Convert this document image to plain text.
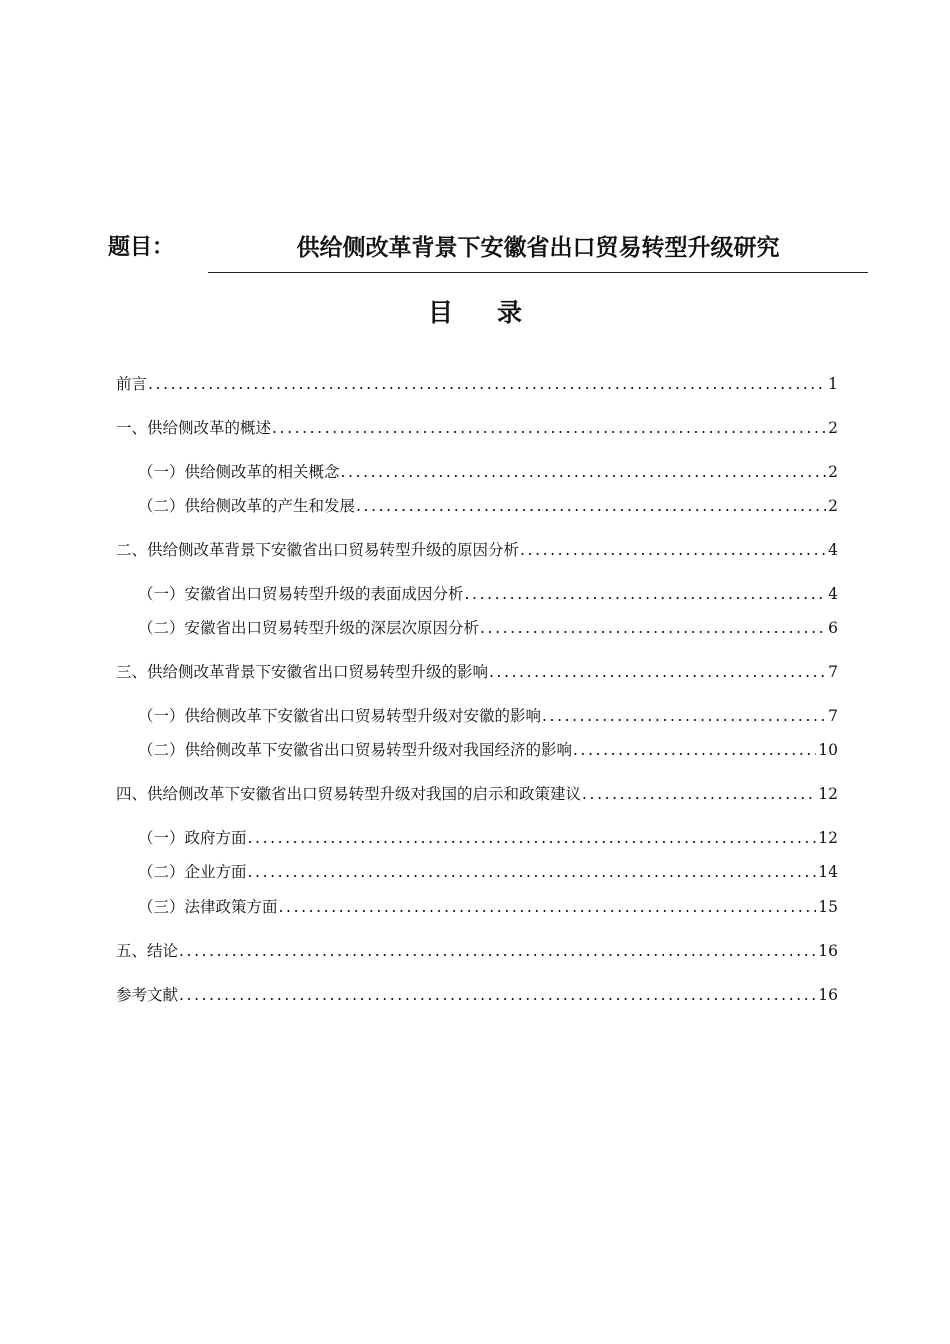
题目：	供给侧改革背景下安徽省出口贸易转型升级研究
目录
前言 .....	1
一、供给侧改革的概述 .....	2
（一）供给侧改革的相关概念 .....	2
（二）供给侧改革的产生和发展 .....	2
二、供给侧改革背景下安徽省出口贸易转型升级的原因分析 .....	4
（一）安徽省出口贸易转型升级的表面成因分析 .....	4
（二）安徽省出口贸易转型升级的深层次原因分析 .....	6
三、供给侧改革背景下安徽省出口贸易转型升级的影响 .....	7
（一）供给侧改革下安徽省出口贸易转型升级对安徽的影响 .....	7
（二）供给侧改革下安徽省出口贸易转型升级对我国经济的影响 .....	10
四、供给侧改革下安徽省出口贸易转型升级对我国的启示和政策建议 .....	12
（一）政府方面 .....	12
（二）企业方面 .....	14
（三）法律政策方面 .....	15
五、结论 .....	16
参考文献 .....	16
